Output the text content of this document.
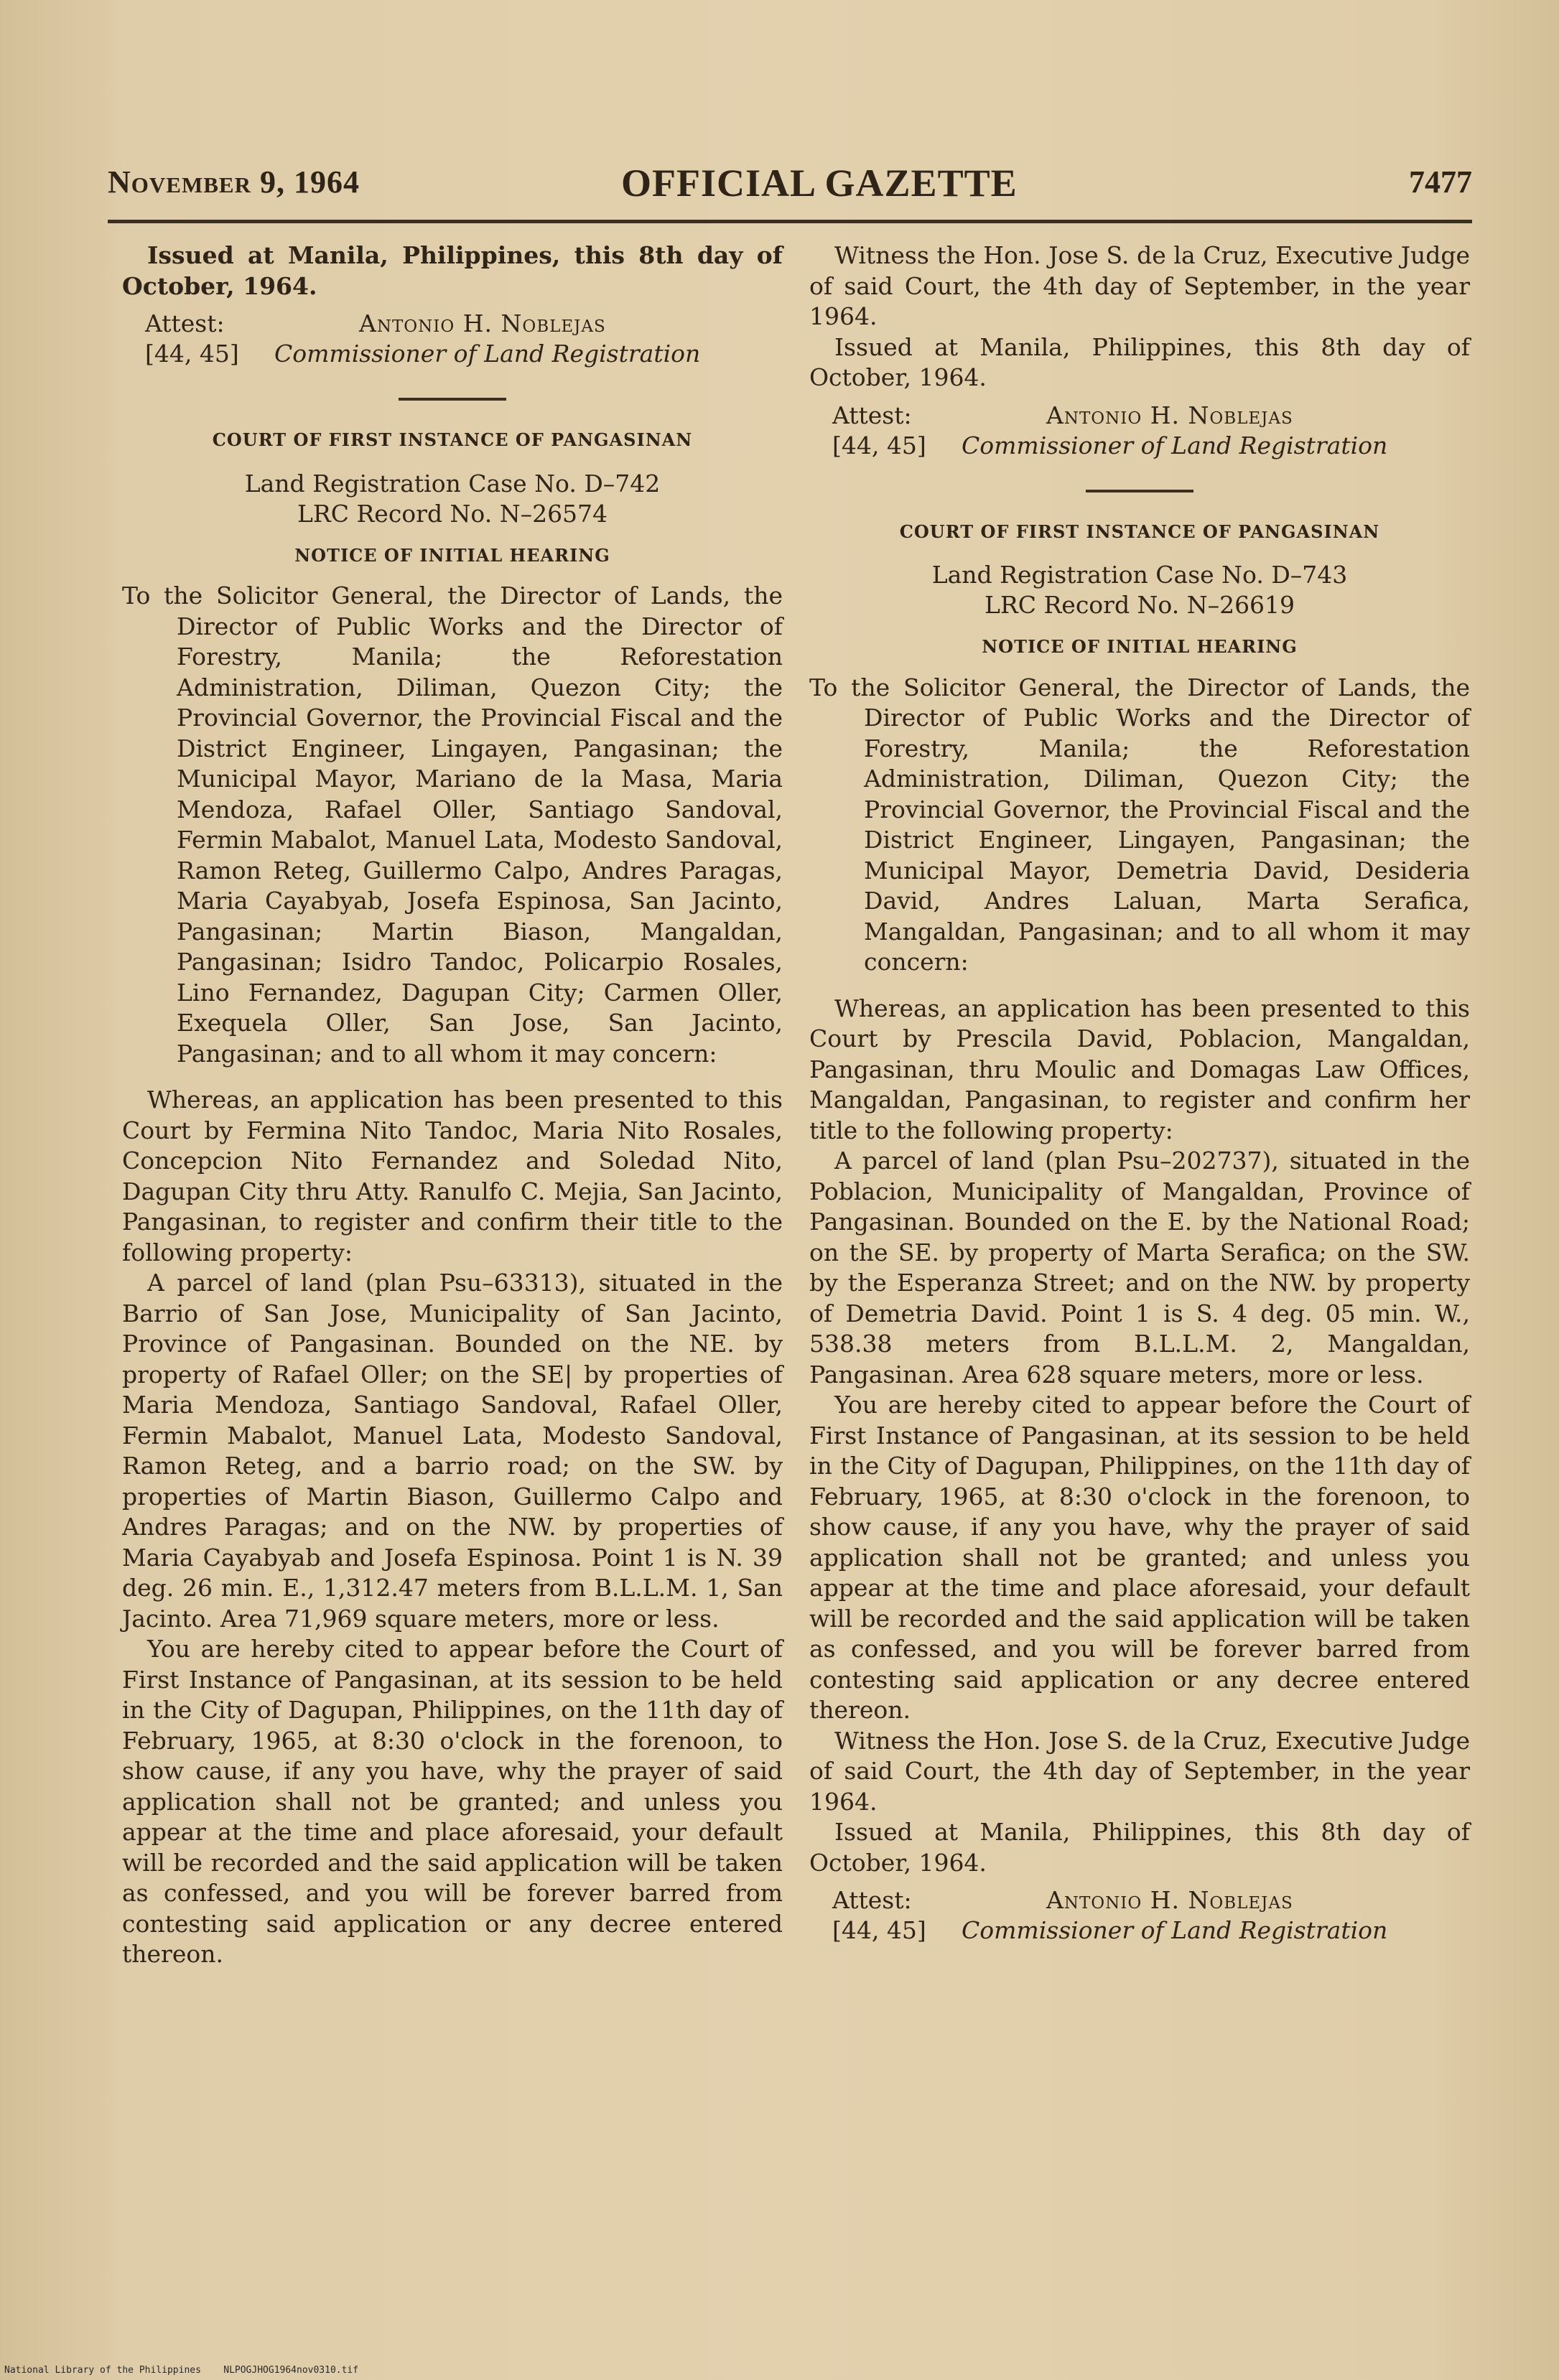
November 9, 1964	OFFICIAL GAZETTE	7477

Issued at Manila, Philippines, this 8th day of October, 1964.

Attest:
[44, 45]
Antonio H. Noblejas
Commissioner of Land Registration
COURT OF FIRST INSTANCE OF PANGASINAN
Land Registration Case No. D–742
LRC Record No. N–26574
NOTICE OF INITIAL HEARING

To the Solicitor General, the Director of Lands, the Director of Public Works and the Director of Forestry, Manila; the Reforestation Administration, Diliman, Quezon City; the Provincial Governor, the Provincial Fiscal and the District Engineer, Lingayen, Pangasinan; the Municipal Mayor, Mariano de la Masa, Maria Mendoza, Rafael Oller, Santiago Sandoval, Fermin Mabalot, Manuel Lata, Modesto Sandoval, Ramon Reteg, Guillermo Calpo, Andres Paragas, Maria Cayabyab, Josefa Espinosa, San Jacinto, Pangasinan; Martin Biason, Mangaldan, Pangasinan; Isidro Tandoc, Policarpio Rosales, Lino Fernandez, Dagupan City; Carmen Oller, Exequela Oller, San Jose, San Jacinto, Pangasinan; and to all whom it may concern:

Whereas, an application has been presented to this Court by Fermina Nito Tandoc, Maria Nito Rosales, Concepcion Nito Fernandez and Soledad Nito, Dagupan City thru Atty. Ranulfo C. Mejia, San Jacinto, Pangasinan, to register and confirm their title to the following property:

A parcel of land (plan Psu–63313), situated in the Barrio of San Jose, Municipality of San Jacinto, Province of Pangasinan. Bounded on the NE. by property of Rafael Oller; on the SE| by properties of Maria Mendoza, Santiago Sandoval, Rafael Oller, Fermin Mabalot, Manuel Lata, Modesto Sandoval, Ramon Reteg, and a barrio road; on the SW. by properties of Martin Biason, Guillermo Calpo and Andres Paragas; and on the NW. by properties of Maria Cayabyab and Josefa Espinosa. Point 1 is N. 39 deg. 26 min. E., 1,312.47 meters from B.L.L.M. 1, San Jacinto. Area 71,969 square meters, more or less.

You are hereby cited to appear before the Court of First Instance of Pangasinan, at its session to be held in the City of Dagupan, Philippines, on the 11th day of February, 1965, at 8:30 o'clock in the forenoon, to show cause, if any you have, why the prayer of said application shall not be granted; and unless you appear at the time and place aforesaid, your default will be recorded and the said application will be taken as confessed, and you will be forever barred from contesting said application or any decree entered thereon.

Witness the Hon. Jose S. de la Cruz, Executive Judge of said Court, the 4th day of September, in the year 1964.

Issued at Manila, Philippines, this 8th day of October, 1964.

Attest:
[44, 45]
Antonio H. Noblejas
Commissioner of Land Registration
COURT OF FIRST INSTANCE OF PANGASINAN
Land Registration Case No. D–743
LRC Record No. N–26619
NOTICE OF INITIAL HEARING

To the Solicitor General, the Director of Lands, the Director of Public Works and the Director of Forestry, Manila; the Reforestation Administration, Diliman, Quezon City; the Provincial Governor, the Provincial Fiscal and the District Engineer, Lingayen, Pangasinan; the Municipal Mayor, Demetria David, Desideria David, Andres Laluan, Marta Serafica, Mangaldan, Pangasinan; and to all whom it may concern:

Whereas, an application has been presented to this Court by Prescila David, Poblacion, Mangaldan, Pangasinan, thru Moulic and Domagas Law Offices, Mangaldan, Pangasinan, to register and confirm her title to the following property:

A parcel of land (plan Psu–202737), situated in the Poblacion, Municipality of Mangaldan, Province of Pangasinan. Bounded on the E. by the National Road; on the SE. by property of Marta Serafica; on the SW. by the Esperanza Street; and on the NW. by property of Demetria David. Point 1 is S. 4 deg. 05 min. W., 538.38 meters from B.L.L.M. 2, Mangaldan, Pangasinan. Area 628 square meters, more or less.

You are hereby cited to appear before the Court of First Instance of Pangasinan, at its session to be held in the City of Dagupan, Philippines, on the 11th day of February, 1965, at 8:30 o'clock in the forenoon, to show cause, if any you have, why the prayer of said application shall not be granted; and unless you appear at the time and place aforesaid, your default will be recorded and the said application will be taken as confessed, and you will be forever barred from contesting said application or any decree entered thereon.

Witness the Hon. Jose S. de la Cruz, Executive Judge of said Court, the 4th day of September, in the year 1964.

Issued at Manila, Philippines, this 8th day of October, 1964.

Attest:
[44, 45]
Antonio H. Noblejas
Commissioner of Land Registration
National Library of the Philippines NLPOGJHOG1964nov0310.tif
